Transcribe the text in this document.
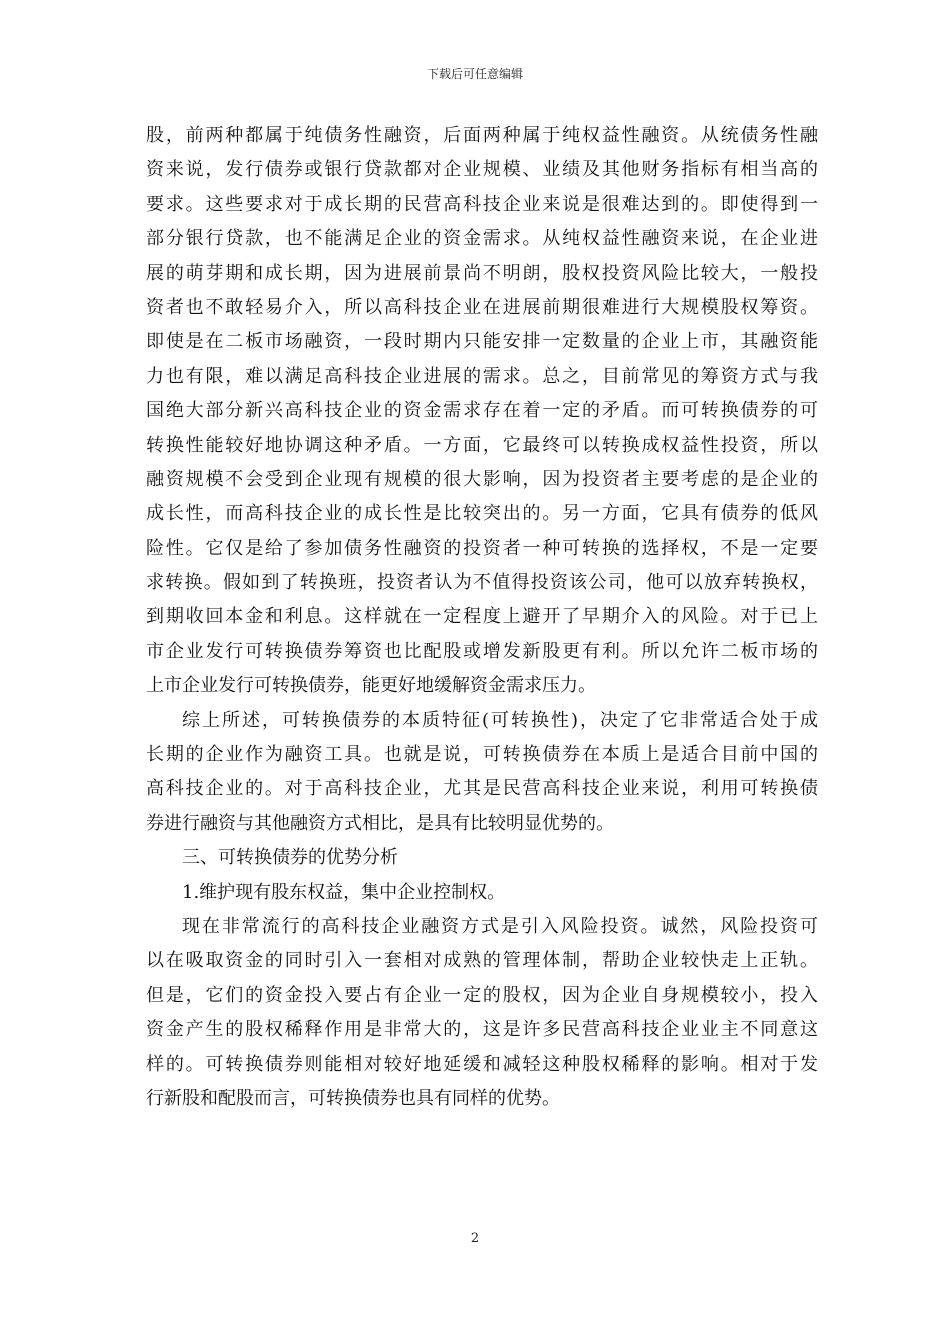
下载后可任意编辑
股，前两种都属于纯债务性融资，后面两种属于纯权益性融资。从统债务性融
资来说，发行债券或银行贷款都对企业规模、业绩及其他财务指标有相当高的
要求。这些要求对于成长期的民营高科技企业来说是很难达到的。即使得到一
部分银行贷款，也不能满足企业的资金需求。从纯权益性融资来说，在企业进
展的萌芽期和成长期，因为进展前景尚不明朗，股权投资风险比较大，一般投
资者也不敢轻易介入，所以高科技企业在进展前期很难进行大规模股权筹资。
即使是在二板市场融资，一段时期内只能安排一定数量的企业上市，其融资能
力也有限，难以满足高科技企业进展的需求。总之，目前常见的筹资方式与我
国绝大部分新兴高科技企业的资金需求存在着一定的矛盾。而可转换债券的可
转换性能较好地协调这种矛盾。一方面，它最终可以转换成权益性投资，所以
融资规模不会受到企业现有规模的很大影响，因为投资者主要考虑的是企业的
成长性，而高科技企业的成长性是比较突出的。另一方面，它具有债券的低风
险性。它仅是给了参加债务性融资的投资者一种可转换的选择权，不是一定要
求转换。假如到了转换班，投资者认为不值得投资该公司，他可以放弃转换权，
到期收回本金和利息。这样就在一定程度上避开了早期介入的风险。对于已上
市企业发行可转换债券筹资也比配股或增发新股更有利。所以允许二板市场的
上市企业发行可转换债券，能更好地缓解资金需求压力。
综上所述，可转换债券的本质特征(可转换性)，决定了它非常适合处于成
长期的企业作为融资工具。也就是说，可转换债券在本质上是适合目前中国的
高科技企业的。对于高科技企业，尤其是民营高科技企业来说，利用可转换债
券进行融资与其他融资方式相比，是具有比较明显优势的。
三、可转换债券的优势分析
1.维护现有股东权益，集中企业控制权。
现在非常流行的高科技企业融资方式是引入风险投资。诚然，风险投资可
以在吸取资金的同时引入一套相对成熟的管理体制，帮助企业较快走上正轨。
但是，它们的资金投入要占有企业一定的股权，因为企业自身规模较小，投入
资金产生的股权稀释作用是非常大的，这是许多民营高科技企业业主不同意这
样的。可转换债券则能相对较好地延缓和减轻这种股权稀释的影响。相对于发
行新股和配股而言，可转换债券也具有同样的优势。
2
